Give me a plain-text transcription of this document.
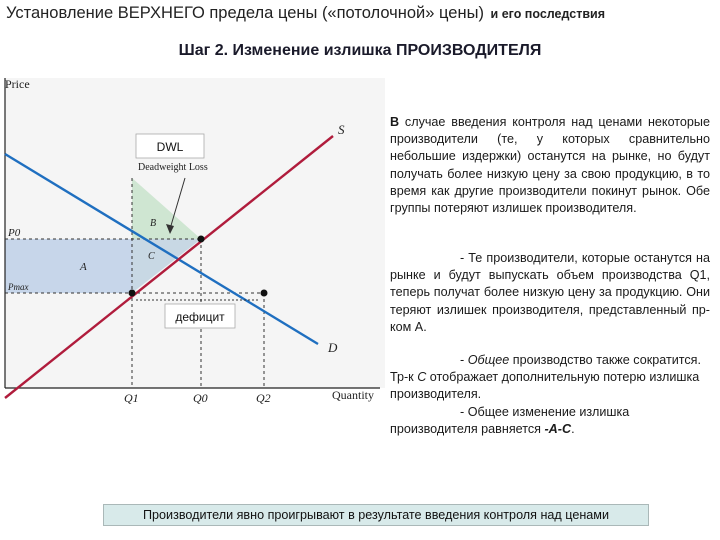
Установление ВЕРХНЕГО предела цены («потолочной» цены) и его последствия
Шаг 2. Изменение излишка ПРОИЗВОДИТЕЛЯ
Price
Quantity
S
D
P0
Pmax
Q1	Q0	Q2
A
B
C
Deadweight Loss
DWL
дефицит

В случае введения контроля над ценами некоторые производители (те, у которых сравнительно небольшие издержки) останутся на рынке, но будут получать более низкую цену за свою продукцию, в то время как другие производители покинут рынок. Обе группы потеряют излишек производителя.

- Те производители, которые останутся на рынке и будут выпускать объем производства Q1, теперь получат более низкую цену за продукцию. Они теряют излишек производителя, представленный пр-ком А.

- Общее производство также сократится. Тр-к С отображает дополнительную потерю излишка производителя.
- Общее изменение излишка производителя равняется -А-С.

Производители явно проигрывают в результате введения контроля над ценами
